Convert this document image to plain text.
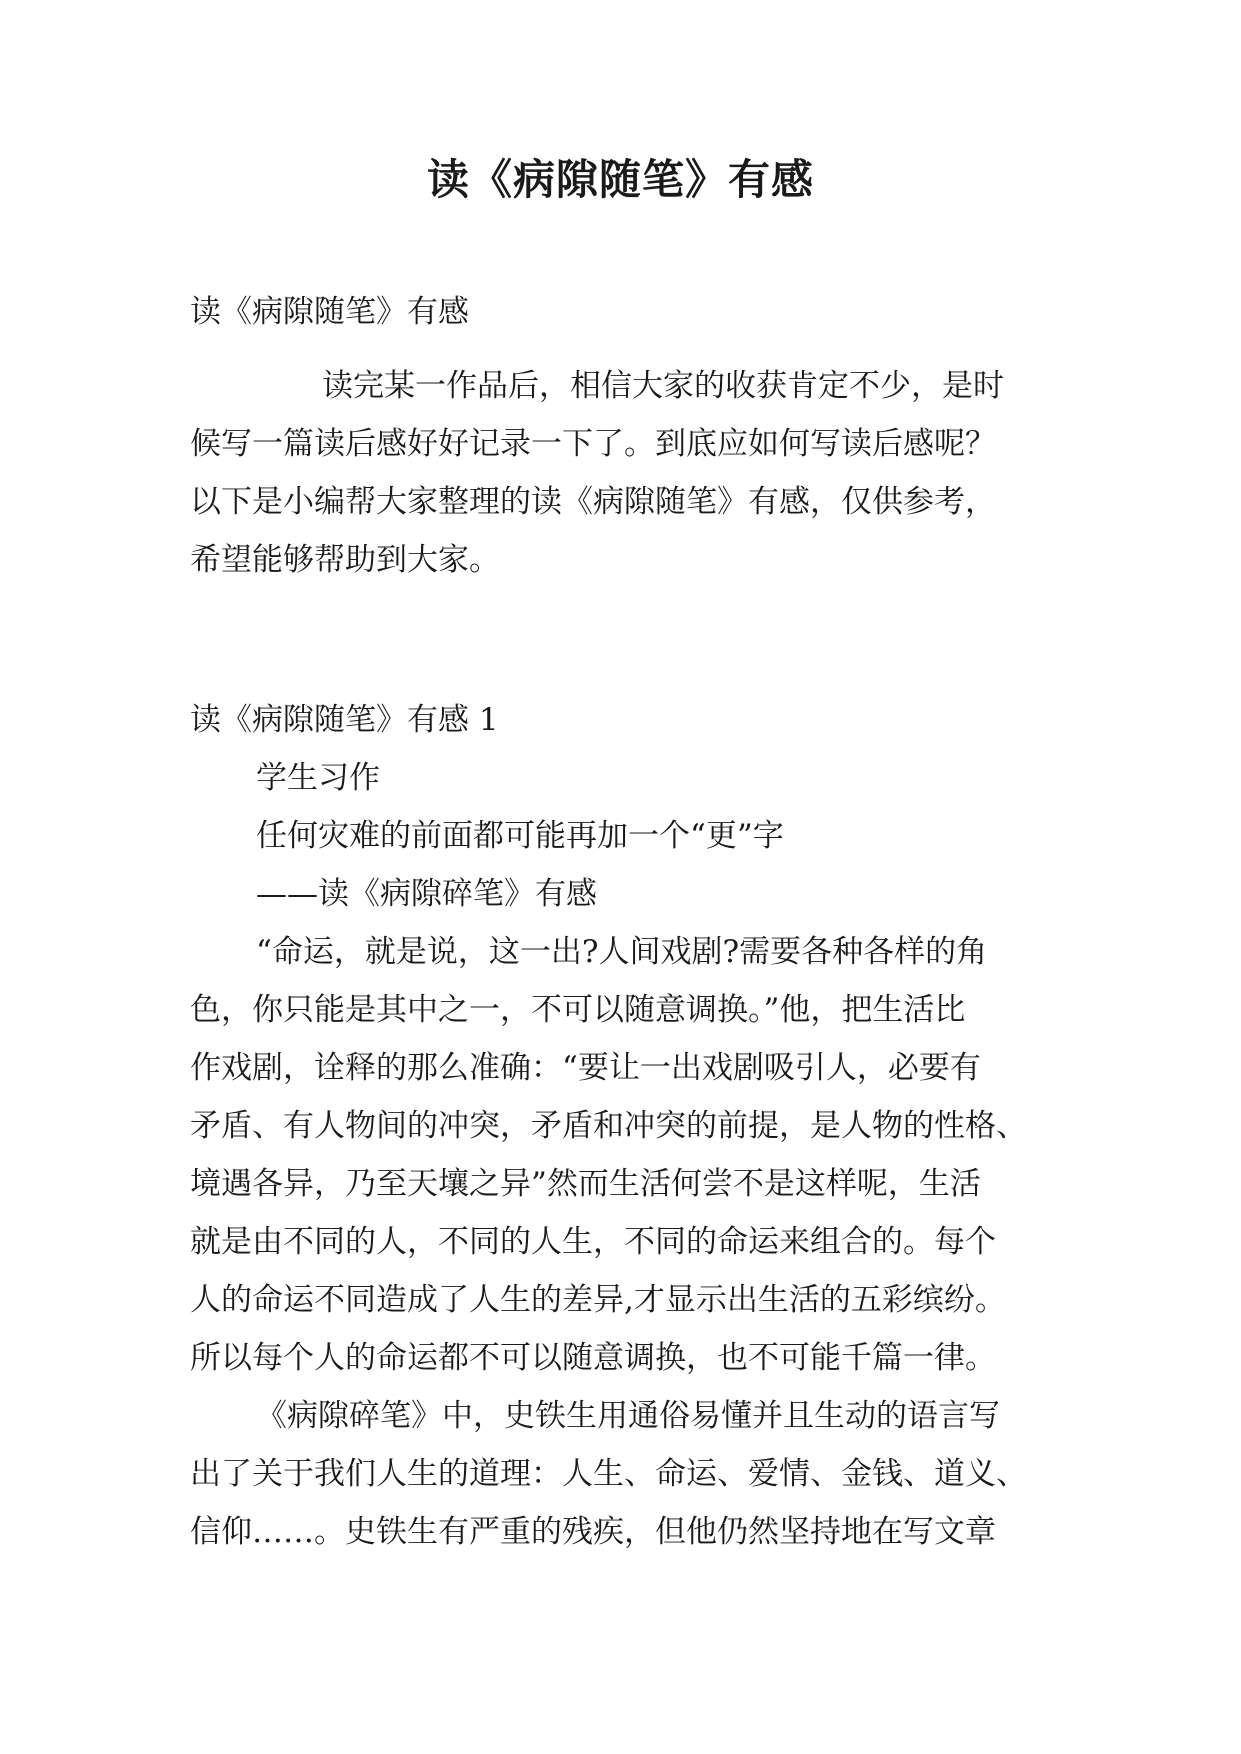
读《病隙随笔》有感
读《病隙随笔》有感
读完某一作品后，相信大家的收获肯定不少，是时
候写一篇读后感好好记录一下了。到底应如何写读后感呢？
以下是小编帮大家整理的读《病隙随笔》有感，仅供参考，
希望能够帮助到大家。
读《病隙随笔》有感 1
学生习作
任何灾难的前面都可能再加一个“更”字
——读《病隙碎笔》有感
“命运，就是说，这一出?人间戏剧?需要各种各样的角
色，你只能是其中之一，不可以随意调换。”他，把生活比
作戏剧，诠释的那么准确：“要让一出戏剧吸引人，必要有
矛盾、有人物间的冲突，矛盾和冲突的前提，是人物的性格、
境遇各异，乃至天壤之异”然而生活何尝不是这样呢，生活
就是由不同的人，不同的人生，不同的命运来组合的。每个
人的命运不同造成了人生的差异,才显示出生活的五彩缤纷。
所以每个人的命运都不可以随意调换，也不可能千篇一律。
《病隙碎笔》中，史铁生用通俗易懂并且生动的语言写
出了关于我们人生的道理：人生、命运、爱情、金钱、道义、
信仰……。史铁生有严重的残疾，但他仍然坚持地在写文章
